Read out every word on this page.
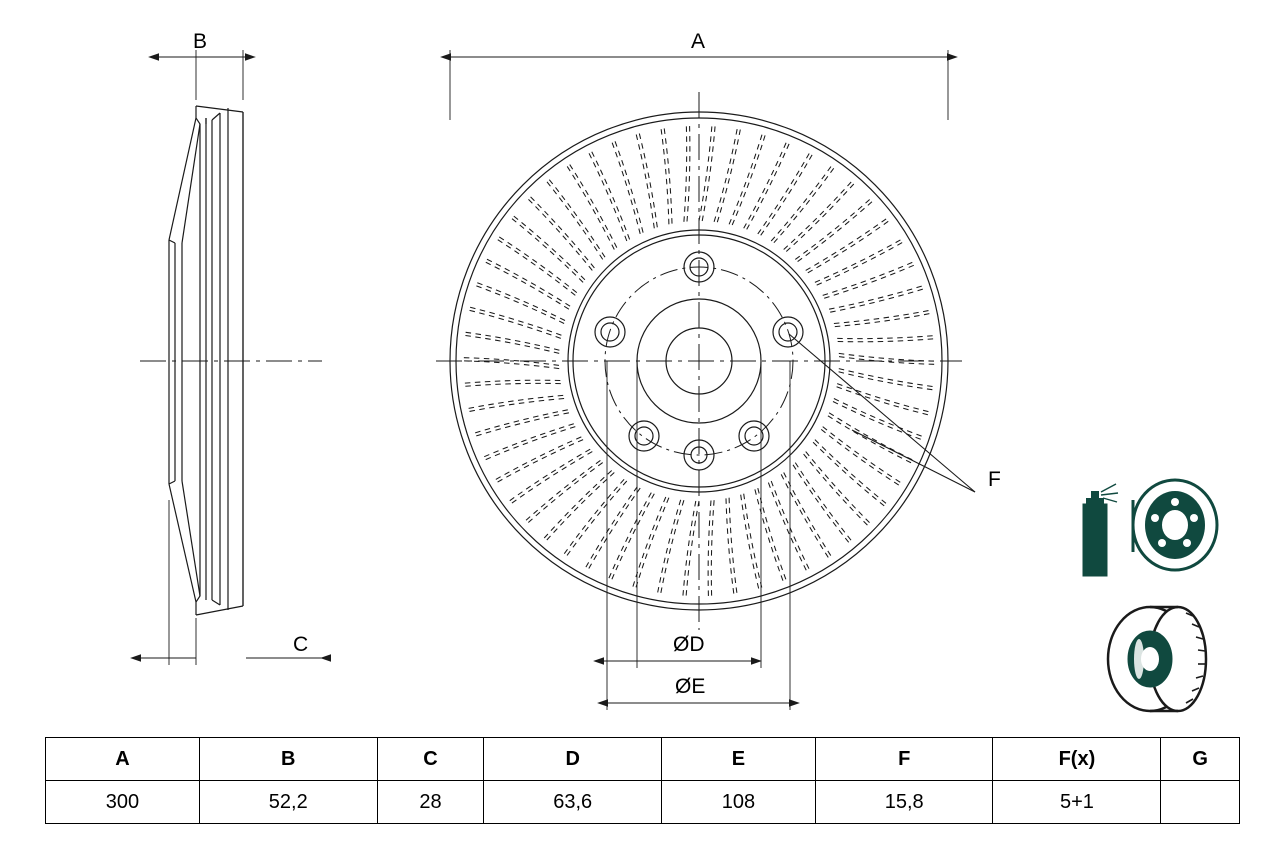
A
B
C	ØD
ØE
F
A	B	C	D	E	F	F(x)	G
300	52,2	28	63,6	108	15,8	5+1	
